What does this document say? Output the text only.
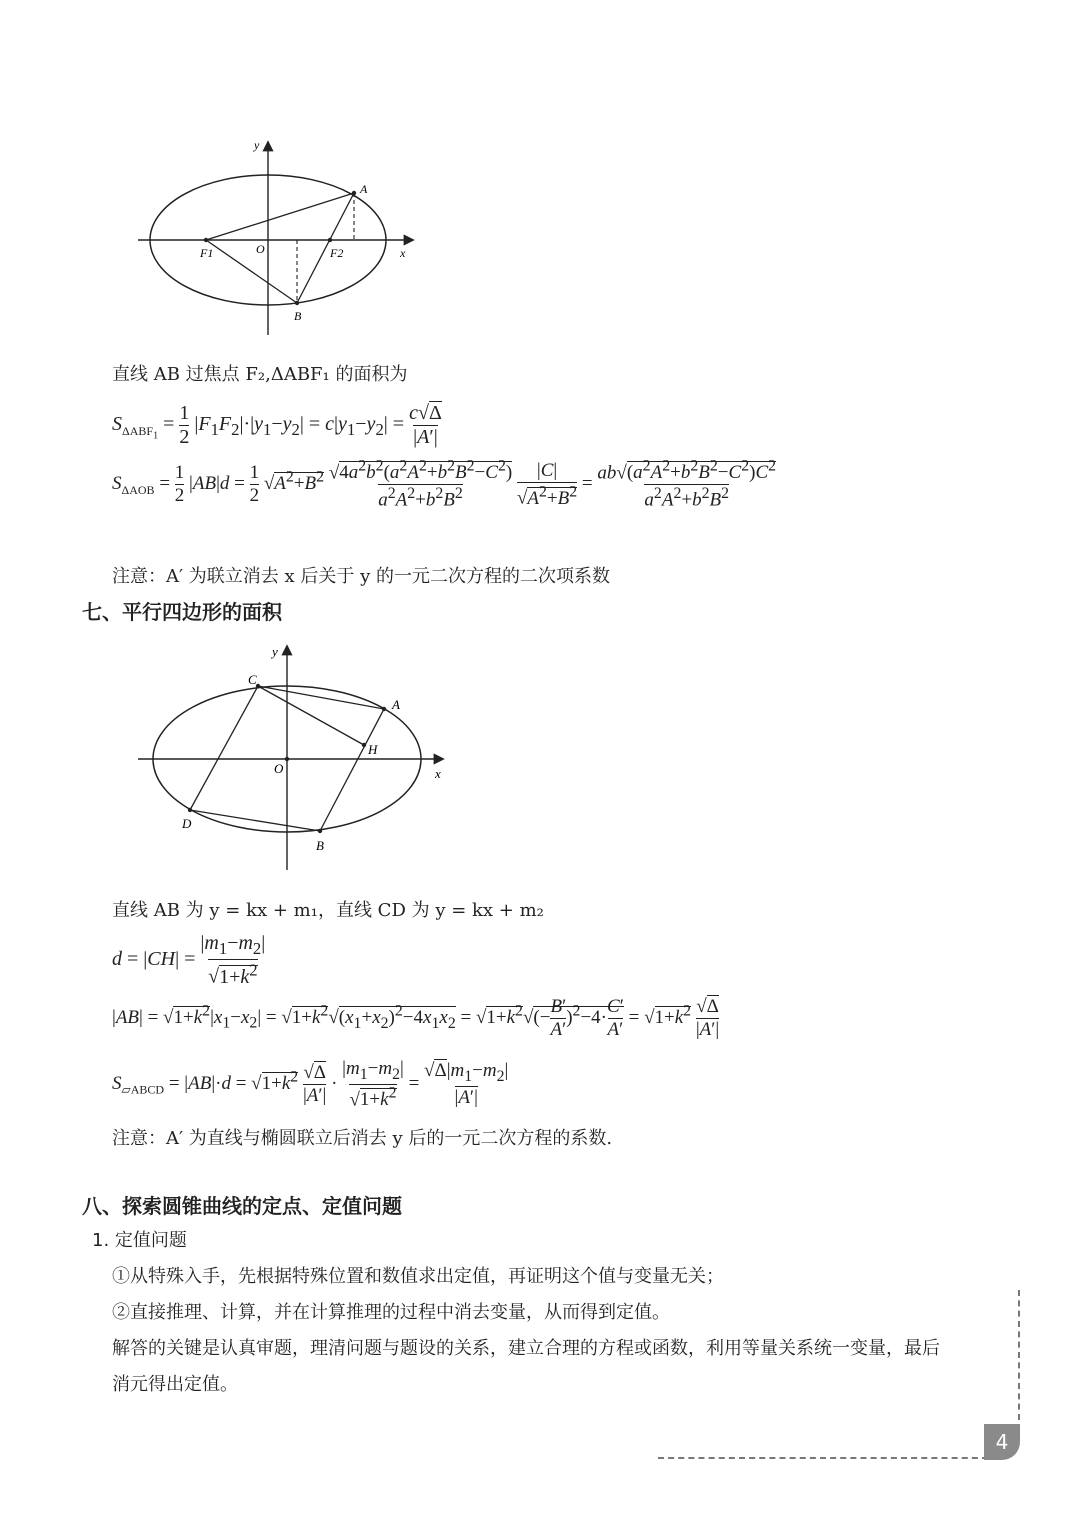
y
x
A
O
F1	F2
B
直线 AB 过焦点 F₂,ΔABF₁ 的面积为
$S_{\Delta ABF_1} = \frac{1}{2} |F_1F_2|\cdot|y_1-y_2| = c|y_1-y_2| = \frac{c√\Delta}{|A'|}$
$S_{\Delta AOB} = \frac{1}{2} |AB|d = \frac{1}{2} √A^2+B^2 \frac{√4a^2b^2(a^2A^2+b^2B^2-C^2)}{a^2A^2+b^2B^2}$
$\frac{|C|}{√A^2+B^2} = \frac{ab√(a^2A^2+b^2B^2-C^2)C^2}{a^2A^2+b^2B^2}$
注意：A′ 为联立消去 x 后关于 y 的一元二次方程的二次项系数
七、平行四边形的面积
y
x
C
A
H
O
D
B
直线 AB 为 y = kx + m₁，直线 CD 为 y = kx + m₂
$d = |CH| = \frac{|m_1-m_2|}{√1+k^2}$
$|AB| = √1+k^2|x_1-x_2| = √1+k^2√(x_1+x_2)^2-4x_1x_2 = √1+k^2√(- \frac{B'}{A'} )^2-4\cdot \frac{C'}{A'} = √1+k^2 \frac{√\Delta}{|A'|}$
$S_{▱ABCD} = |AB|\cdot d = √1+k^2 \frac{√\Delta}{|A'|} \cdot \frac{|m_1-m_2|}{√1+k^2} = \frac{√\Delta|m_1-m_2|}{|A'|}$
注意：A′ 为直线与椭圆联立后消去 y 后的一元二次方程的系数.
八、探索圆锥曲线的定点、定值问题
1. 定值问题
①从特殊入手，先根据特殊位置和数值求出定值，再证明这个值与变量无关；
②直接推理、计算，并在计算推理的过程中消去变量，从而得到定值。
解答的关键是认真审题，理清问题与题设的关系，建立合理的方程或函数，利用等量关系统一变量，最后
消元得出定值。
4
